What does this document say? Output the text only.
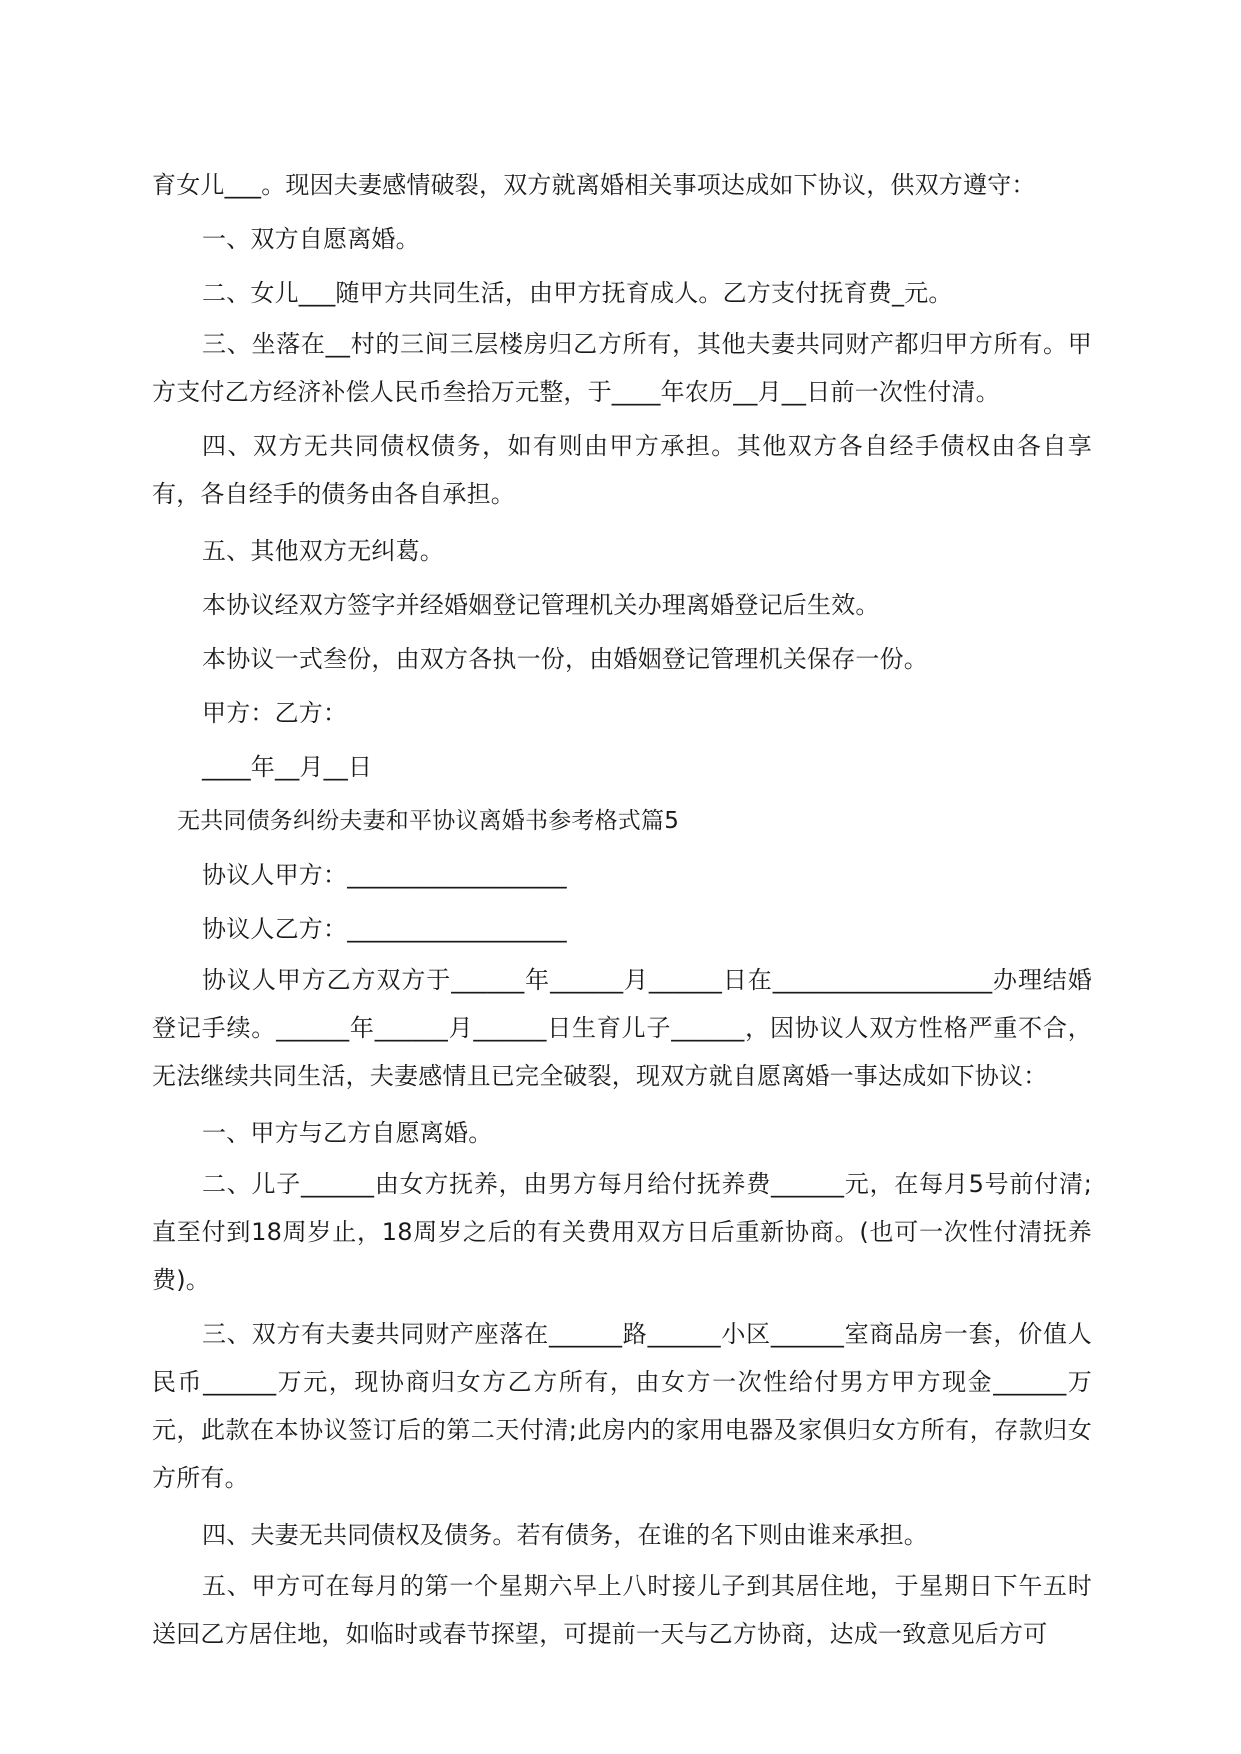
育女儿___。现因夫妻感情破裂，双方就离婚相关事项达成如下协议，供双方遵守：

一、双方自愿离婚。

二、女儿___随甲方共同生活，由甲方抚育成人。乙方支付抚育费_元。

三、坐落在__村的三间三层楼房归乙方所有，其他夫妻共同财产都归甲方所有。甲方支付乙方经济补偿人民币叁拾万元整，于____年农历__月__日前一次性付清。

四、双方无共同债权债务，如有则由甲方承担。其他双方各自经手债权由各自享有，各自经手的债务由各自承担。

五、其他双方无纠葛。

本协议经双方签字并经婚姻登记管理机关办理离婚登记后生效。

本协议一式叁份，由双方各执一份，由婚姻登记管理机关保存一份。

甲方：乙方：

____年__月__日

无共同债务纠纷夫妻和平协议离婚书参考格式篇5

协议人甲方：__________________

协议人乙方：__________________

协议人甲方乙方双方于______年______月______日在__________________办理结婚登记手续。______年______月______日生育儿子______，因协议人双方性格严重不合，无法继续共同生活，夫妻感情且已完全破裂，现双方就自愿离婚一事达成如下协议：

一、甲方与乙方自愿离婚。

二、儿子______由女方抚养，由男方每月给付抚养费______元，在每月5号前付清;直至付到18周岁止，18周岁之后的有关费用双方日后重新协商。(也可一次性付清抚养费)。

三、双方有夫妻共同财产座落在______路______小区______室商品房一套，价值人民币______万元，现协商归女方乙方所有，由女方一次性给付男方甲方现金______万元，此款在本协议签订后的第二天付清;此房内的家用电器及家俱归女方所有，存款归女方所有。

四、夫妻无共同债权及债务。若有债务，在谁的名下则由谁来承担。

五、甲方可在每月的第一个星期六早上八时接儿子到其居住地，于星期日下午五时送回乙方居住地，如临时或春节探望，可提前一天与乙方协商，达成一致意见后方可
